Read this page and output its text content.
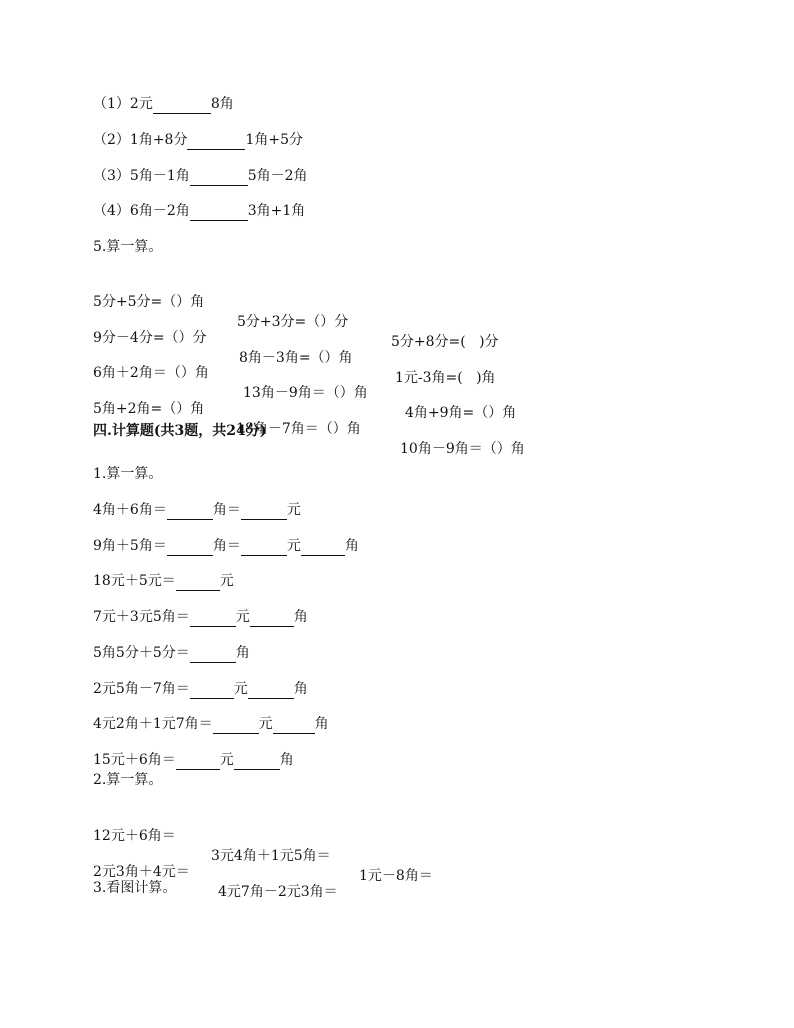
（1）2元	8角
（2）1角+8分	1角+5分
（3）5角－1角	5角－2角
（4）6角－2角	3角+1角
5.算一算。

5分+5分=（）角

5分+3分=（）分

5分+8分=(   )分

9分－4分=（）分

8角－3角=（）角

1元-3角=(   )角

6角＋2角＝（）角

13角－9角＝（）角

4角+9角=（）角

5角+2角=（）角

18角－7角＝（）角

10角－9角＝（）角

四.计算题(共3题，共24分)
1.算一算。
4角＋6角＝	角＝	元
9角＋5角＝	角＝	元	角
18元＋5元＝	元
7元＋3元5角＝	元	角
5角5分＋5分＝	角
2元5角－7角＝	元	角
4元2角＋1元7角＝	元	角
15元＋6角＝	元	角
2.算一算。

12元＋6角＝

3元4角＋1元5角＝

1元－8角＝

2元3角＋4元＝

4元7角－2元3角＝

3.看图计算。
